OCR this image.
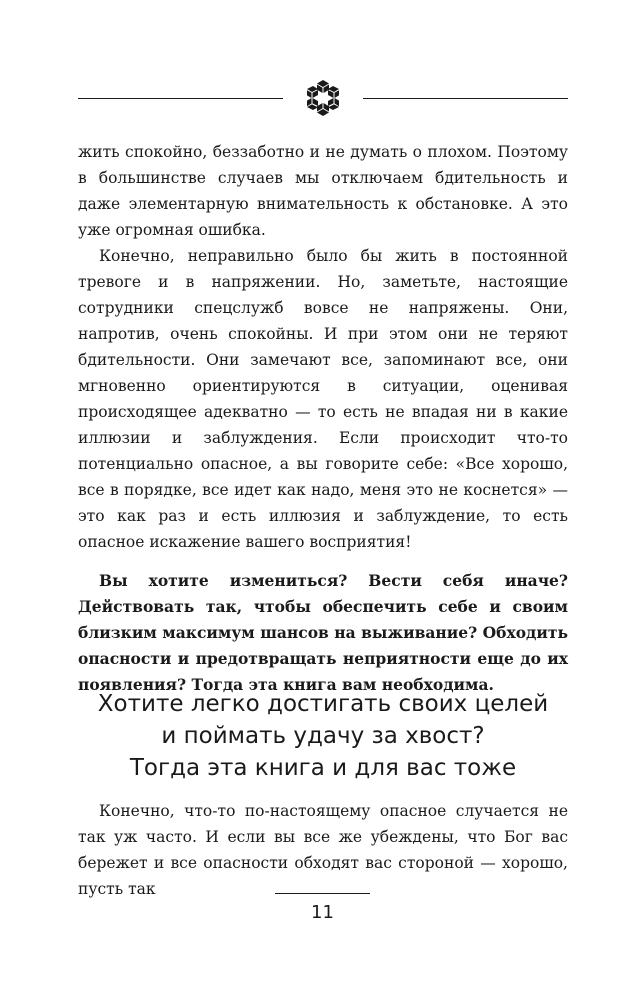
жить спокойно, беззаботно и не думать о плохом. Поэтому в большинстве случаев мы отключаем бдительность и даже элементарную внимательность к обстановке. А это уже огромная ошибка.

Конечно, неправильно было бы жить в постоянной тревоге и в напряжении. Но, заметьте, настоящие сотрудники спецслужб вовсе не напряжены. Они, напротив, очень спокойны. И при этом они не теряют бдительности. Они замечают все, запоминают все, они мгновенно ориентируются в ситуации, оценивая происходящее адекватно — то есть не впадая ни в какие иллюзии и заблуждения. Если происходит что-то потенциально опасное, а вы говорите себе: «Все хорошо, все в порядке, все идет как надо, меня это не коснется» — это как раз и есть иллюзия и заблуждение, то есть опасное искажение вашего восприятия!

Вы хотите измениться? Вести себя иначе? Действовать так, чтобы обеспечить себе и своим близким максимум шансов на выживание? Обходить опасности и предотвращать неприятности еще до их появления? Тогда эта книга вам необходима.

Хотите легко достигать своих целей
и поймать удачу за хвост?
Тогда эта книга и для вас тоже

Конечно, что-то по-настоящему опасное случается не так уж часто. И если вы все же убеждены, что Бог вас бережет и все опасности обходят вас стороной — хорошо, пусть так

11
